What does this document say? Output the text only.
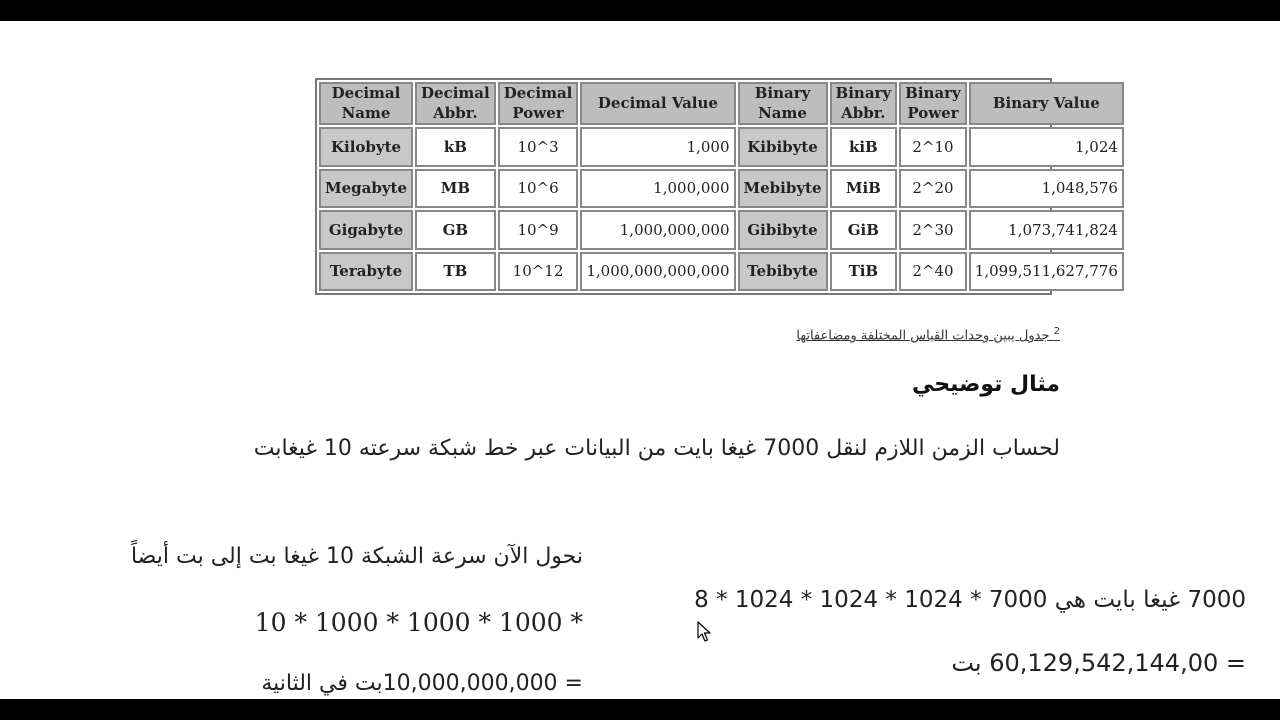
Decimal Name	Decimal Abbr.	Decimal Power	Decimal Value	Binary Name	Binary Abbr.	Binary Power	Binary Value
Kilobyte	kB	10^3	1,000	Kibibyte	kiB	2^10	1,024
Megabyte	MB	10^6	1,000,000	Mebibyte	MiB	2^20	1,048,576
Gigabyte	GB	10^9	1,000,000,000	Gibibyte	GiB	2^30	1,073,741,824
Terabyte	TB	10^12	1,000,000,000,000	Tebibyte	TiB	2^40	1,099,511,627,776
$^2$ جدول يبين وحدات القياس المختلفة ومضاعفاتها
مثال توضيحي
لحساب الزمن اللازم لنقل 7000 غيغا بايت من البيانات عبر خط شبكة سرعته 10 غيغابت
نحول الآن سرعة الشبكة 10 غيغا بت إلى بت أيضاً
10 * 1000 * 1000 * 1000 *
= 10,000,000,000بت في الثانية
7000 غيغا بايت هي 7000 * 1024 * 1024 * 1024 * 8
= 60,129,542,144,00 بت
